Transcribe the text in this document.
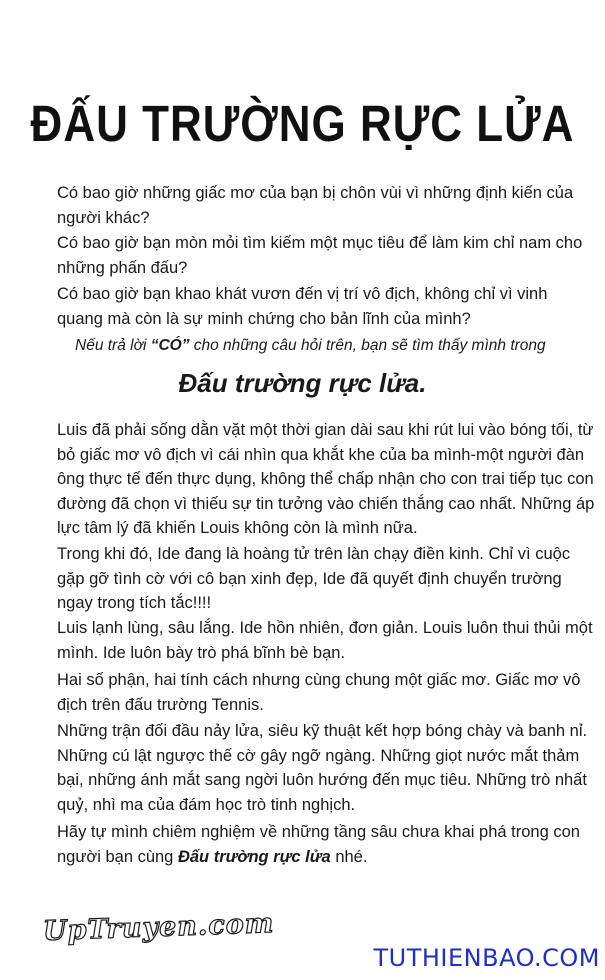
ĐẤU TRƯỜNG RỰC LỬA

Có bao giờ những giấc mơ của bạn bị chôn vùi vì những định kiến của người khác?

Có bao giờ bạn mòn mỏi tìm kiếm một mục tiêu để làm kim chỉ nam cho những phấn đấu?

Có bao giờ bạn khao khát vươn đến vị trí vô địch, không chỉ vì vinh quang mà còn là sự minh chứng cho bản lĩnh của mình?

Nếu trả lời “CÓ” cho những câu hỏi trên, bạn sẽ tìm thấy mình trong

Đấu trường rực lửa.

Luis đã phải sống dằn vặt một thời gian dài sau khi rút lui vào bóng tối, từ bỏ giấc mơ vô địch vì cái nhìn qua khắt khe của ba mình-một người đàn ông thực tế đến thực dụng, không thể chấp nhận cho con trai tiếp tục con đường đã chọn vì thiếu sự tin tưởng vào chiến thắng cao nhất. Những áp lực tâm lý đã khiến Louis không còn là mình nữa.

Trong khi đó, Ide đang là hoàng tử trên làn chạy điền kinh. Chỉ vì cuộc gặp gỡ tình cờ với cô bạn xinh đẹp, Ide đã quyết định chuyển trường ngay trong tích tắc!!!!

Luis lạnh lùng, sâu lắng. Ide hồn nhiên, đơn giản. Louis luôn thui thủi một mình. Ide luôn bày trò phá bĩnh bè bạn.

Hai số phận, hai tính cách nhưng cùng chung một giấc mơ. Giấc mơ vô địch trên đấu trường Tennis.

Những trận đối đầu nảy lửa, siêu kỹ thuật kết hợp bóng chày và banh nỉ. Những cú lật ngược thế cờ gây ngỡ ngàng. Những giọt nước mắt thảm bại, những ánh mắt sang ngời luôn hướng đến mục tiêu. Những trò nhất quỷ, nhì ma của đám học trò tinh nghịch.

Hãy tự mình chiêm nghiệm về những tầng sâu chưa khai phá trong con người bạn cùng Đấu trường rực lửa nhé.

UpTruyen.com
TUTHIENBAO.COM
